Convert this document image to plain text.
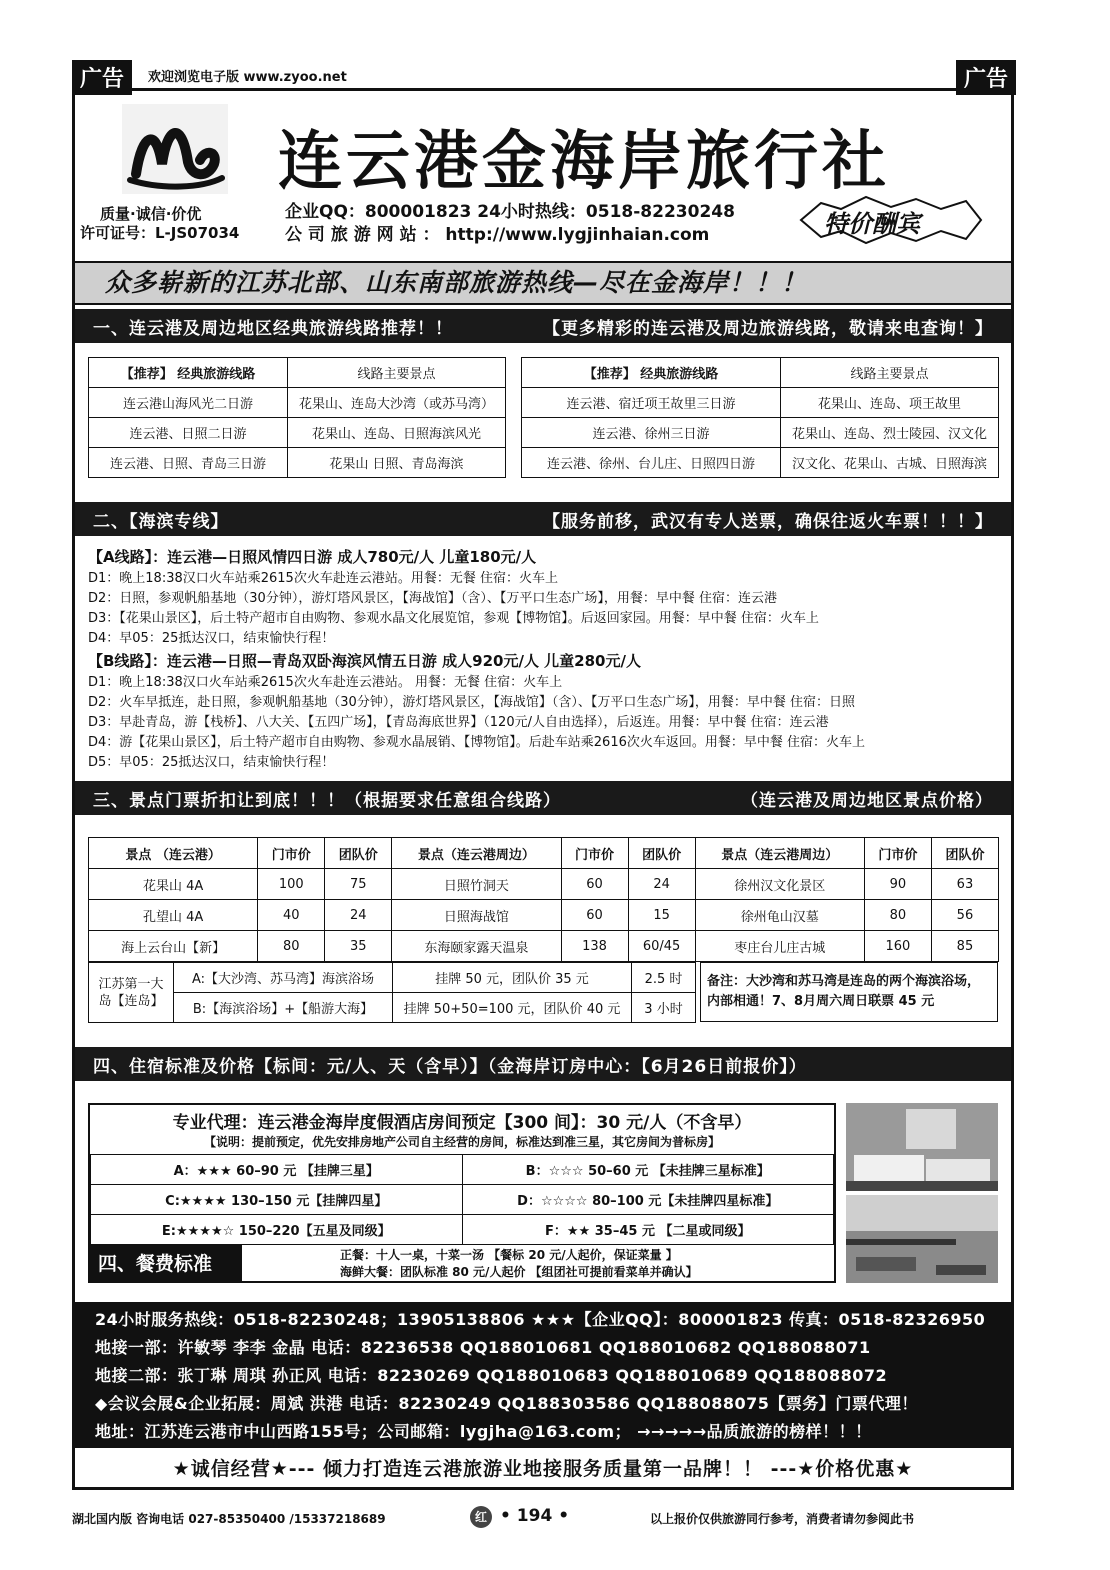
广告	欢迎浏览电子版 www.zyoo.net	广告
连云港金海岸旅行社
质量·诚信·价优
许可证号：L-JS07034
企业QQ：800001823 24小时热线：0518-82230248
公 司 旅 游 网 站 ： http://www.lygjinhaian.com	特价酬宾
众多崭新的江苏北部、山东南部旅游热线—尽在金海岸！！！
一、连云港及周边地区经典旅游线路推荐！！	【更多精彩的连云港及周边旅游线路，敬请来电查询！】
【推荐】 经典旅游线路	线路主要景点
连云港山海风光二日游	花果山、连岛大沙湾（或苏马湾）
连云港、日照二日游	花果山、连岛、日照海滨风光
连云港、日照、青岛三日游	花果山 日照、青岛海滨
【推荐】 经典旅游线路	线路主要景点
连云港、宿迁项王故里三日游	花果山、连岛、项王故里
连云港、徐州三日游	花果山、连岛、烈士陵园、汉文化
连云港、徐州、台儿庄、日照四日游	汉文化、花果山、古城、日照海滨
二、【海滨专线】	【服务前移，武汉有专人送票，确保往返火车票！！！】
【A线路】：连云港—日照风情四日游 成人780元/人 儿童180元/人
D1：晚上18:38汉口火车站乘2615次火车赴连云港站。用餐：无餐 住宿：火车上
D2：日照，参观帆船基地（30分钟），游灯塔风景区，【海战馆】（含）、【万平口生态广场】，用餐：早中餐 住宿：连云港
D3：【花果山景区】，后土特产超市自由购物、参观水晶文化展览馆，参观【博物馆】。后返回家园。用餐：早中餐 住宿：火车上
D4：早05：25抵达汉口，结束愉快行程！
【B线路】：连云港—日照—青岛双卧海滨风情五日游 成人920元/人 儿童280元/人
D1：晚上18:38汉口火车站乘2615次火车赴连云港站。 用餐：无餐 住宿：火车上
D2：火车早抵连，赴日照，参观帆船基地（30分钟），游灯塔风景区，【海战馆】（含）、【万平口生态广场】，用餐：早中餐 住宿：日照
D3：早赴青岛，游【栈桥】、八大关、【五四广场】，【青岛海底世界】（120元/人自由选择），后返连。用餐：早中餐 住宿：连云港
D4：游【花果山景区】，后土特产超市自由购物、参观水晶展销、【博物馆】。后赴车站乘2616次火车返回。用餐：早中餐 住宿：火车上
D5：早05：25抵达汉口，结束愉快行程！
三、景点门票折扣让到底！！！（根据要求任意组合线路）	（连云港及周边地区景点价格）
景点 （连云港）	门市价	团队价	景点（连云港周边）	门市价	团队价	景点（连云港周边）	门市价	团队价
花果山 4A	100	75	日照竹洞天	60	24	徐州汉文化景区	90	63
孔望山 4A	40	24	日照海战馆	60	15	徐州龟山汉墓	80	56
海上云台山【新】	80	35	东海颐家露天温泉	138	60/45	枣庄台儿庄古城	160	85
江苏第一大岛【连岛】	A:【大沙湾、苏马湾】海滨浴场	挂牌 50 元，团队价 35 元	2.5 时
	B:【海滨浴场】+【船游大海】	挂牌 50+50=100 元，团队价 40 元	3 小时
备注：大沙湾和苏马湾是连岛的两个海滨浴场，内部相通！7、8月周六周日联票 45 元
四、住宿标准及价格【标间：元/人、天（含早）】（金海岸订房中心：【6月26日前报价】）
专业代理：连云港金海岸度假酒店房间预定【300 间】：30 元/人（不含早）
【说明：提前预定，优先安排房地产公司自主经营的房间，标准达到准三星，其它房间为普标房】
A：★★★ 60–90 元 【挂牌三星】	B：☆☆☆ 50–60 元 【未挂牌三星标准】
C:★★★★ 130–150 元【挂牌四星】	D：☆☆☆☆ 80–100 元【未挂牌四星标准】
E:★★★★☆ 150–220【五星及同级】	F：★★ 35–45 元 【二星或同级】
四、餐费标准	正餐：十人一桌，十菜一汤 【餐标 20 元/人起价，保证菜量 】
海鲜大餐：团队标准 80 元/人起价 【组团社可提前看菜单并确认】
24小时服务热线：0518-82230248；13905138806 ★★★【企业QQ】：800001823 传真：0518-82326950
地接一部：许敏琴 李李 金晶 电话：82236538 QQ188010681 QQ188010682 QQ188088071
地接二部：张丁琳 周琪 孙正风 电话：82230269 QQ188010683 QQ188010689 QQ188088072
◆会议会展&企业拓展：周斌 洪港 电话：82230249 QQ188303586 QQ188088075【票务】门票代理！
地址：江苏连云港市中山西路155号；公司邮箱：lygjha@163.com； →→→→→品质旅游的榜样！！！
★诚信经营★--- 倾力打造连云港旅游业地接服务质量第一品牌！！ ---★价格优惠★
湖北国内版 咨询电话 027-85350400 /15337218689	红 • 194 •	以上报价仅供旅游同行参考，消费者请勿参阅此书
